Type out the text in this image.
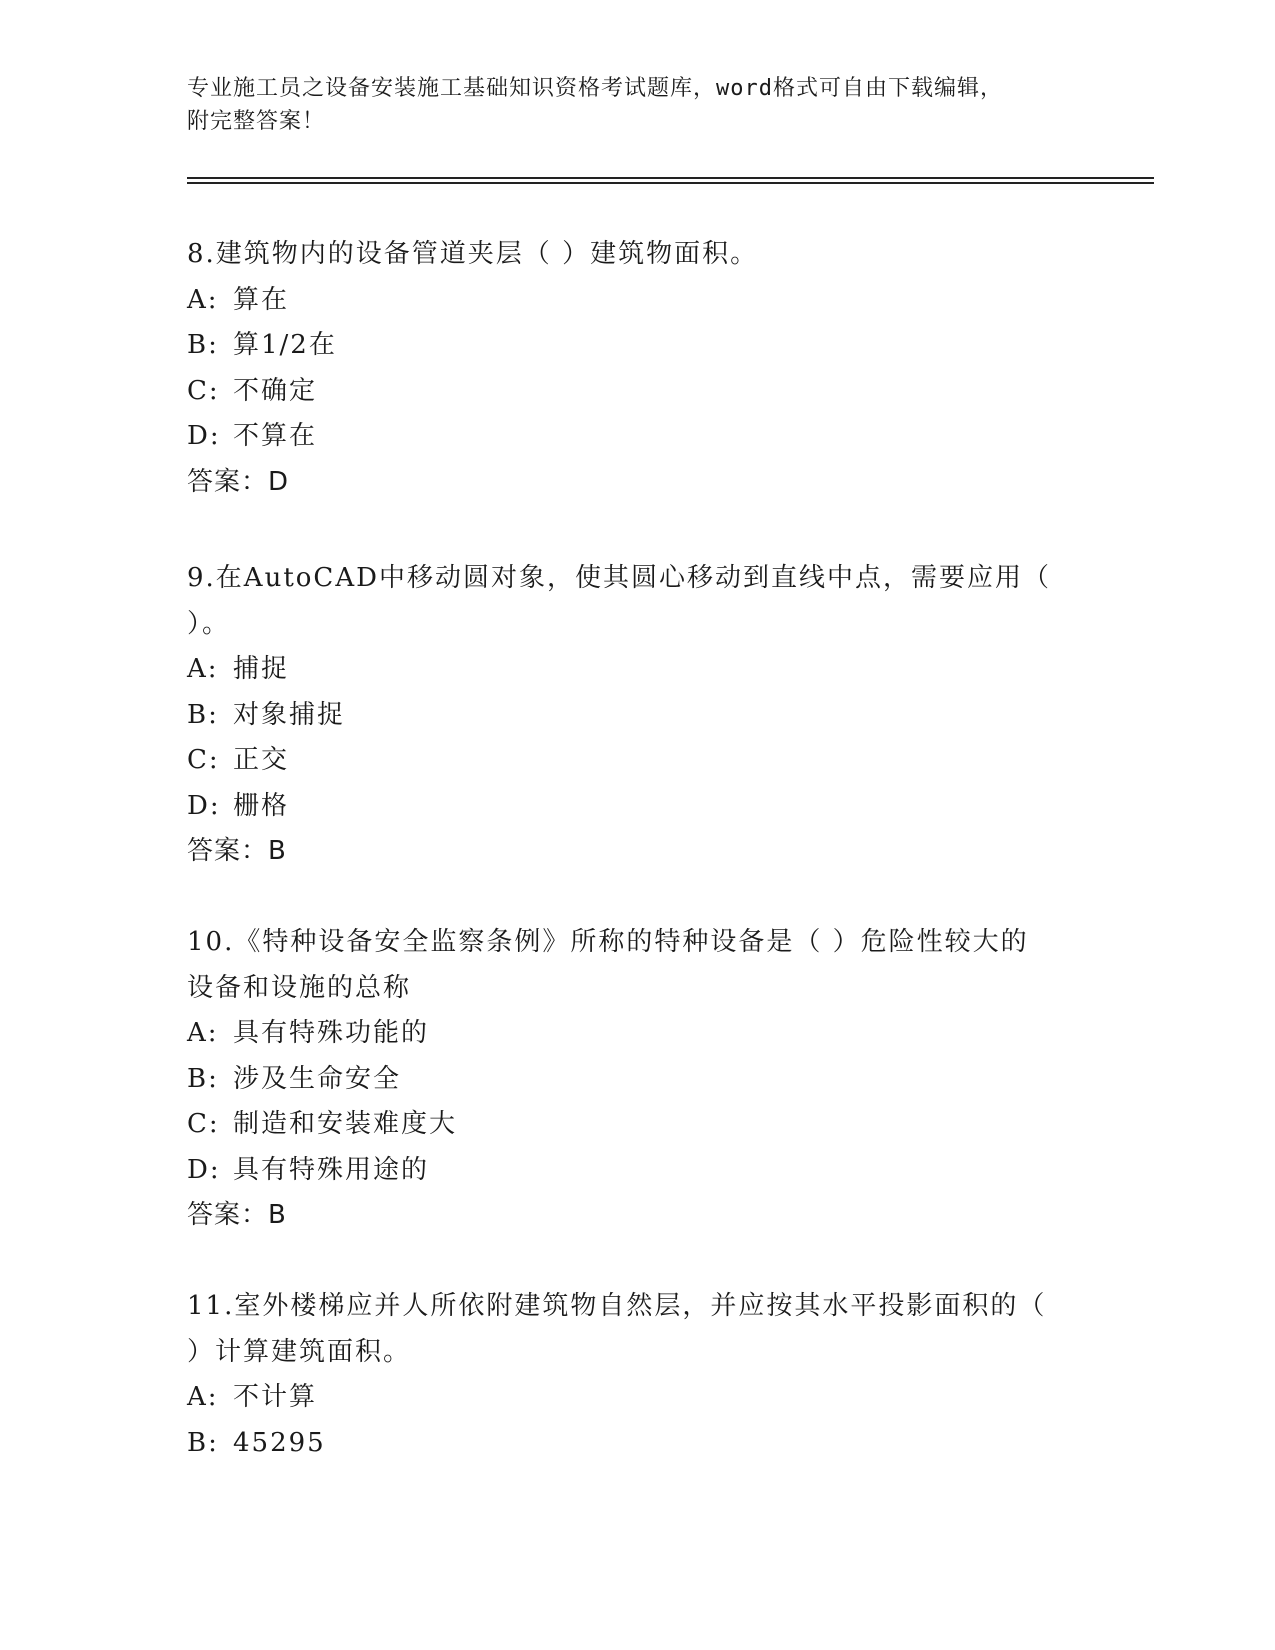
专业施工员之设备安装施工基础知识资格考试题库，word格式可自由下载编辑，
附完整答案！
8.建筑物内的设备管道夹层（ ）建筑物面积。
A: 算在
B: 算1/2在
C: 不确定
D: 不算在
答案：D
9.在AutoCAD中移动圆对象，使其圆心移动到直线中点，需要应用（
）。
A: 捕捉
B: 对象捕捉
C: 正交
D: 栅格
答案：B
10.《特种设备安全监察条例》所称的特种设备是（ ）危险性较大的
设备和设施的总称
A: 具有特殊功能的
B: 涉及生命安全
C: 制造和安装难度大
D: 具有特殊用途的
答案：B
11.室外楼梯应并人所依附建筑物自然层，并应按其水平投影面积的（
）计算建筑面积。
A: 不计算
B: 45295
